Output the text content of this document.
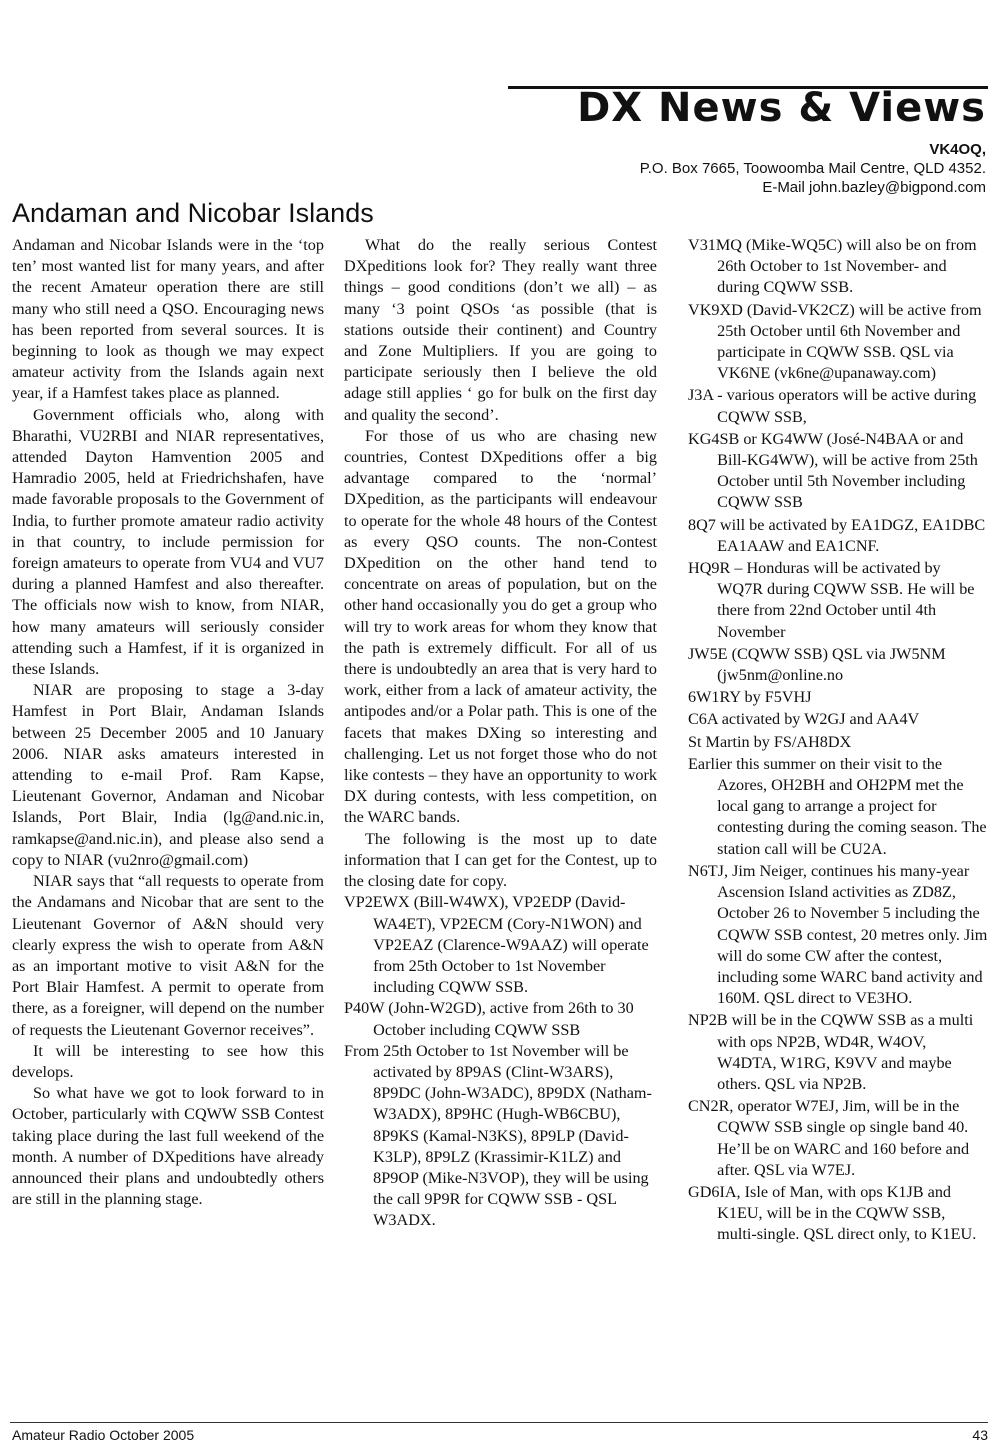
DX News & Views
VK4OQ,
P.O. Box 7665, Toowoomba Mail Centre, QLD 4352.
E-Mail john.bazley@bigpond.com
Andaman and Nicobar Islands

Andaman and Nicobar Islands were in the ‘top ten’ most wanted list for many years, and after the recent Amateur operation there are still many who still need a QSO. Encouraging news has been reported from several sources. It is beginning to look as though we may expect amateur activity from the Islands again next year, if a Hamfest takes place as planned.

Government officials who, along with Bharathi, VU2RBI and NIAR representatives, attended Dayton Hamvention 2005 and Hamradio 2005, held at Friedrichshafen, have made favorable proposals to the Government of India, to further promote amateur radio activity in that country, to include permission for foreign amateurs to operate from VU4 and VU7 during a planned Hamfest and also thereafter. The officials now wish to know, from NIAR, how many amateurs will seriously consider attending such a Hamfest, if it is organized in these Islands.

NIAR are proposing to stage a 3-day Hamfest in Port Blair, Andaman Islands between 25 December 2005 and 10 January 2006. NIAR asks amateurs interested in attending to e-mail Prof. Ram Kapse, Lieutenant Governor, Andaman and Nicobar Islands, Port Blair, India (lg@and.nic.in, ramkapse@and.nic.in), and please also send a copy to NIAR (vu2nro@gmail.com)

NIAR says that “all requests to operate from the Andamans and Nicobar that are sent to the Lieutenant Governor of A&N should very clearly express the wish to operate from A&N as an important motive to visit A&N for the Port Blair Hamfest. A permit to operate from there, as a foreigner, will depend on the number of requests the Lieutenant Governor receives”.

It will be interesting to see how this develops.

So what have we got to look forward to in October, particularly with CQWW SSB Contest taking place during the last full weekend of the month. A number of DXpeditions have already announced their plans and undoubtedly others are still in the planning stage.

What do the really serious Contest DXpeditions look for? They really want three things – good conditions (don’t we all) – as many ‘3 point QSOs ‘as possible (that is stations outside their continent) and Country and Zone Multipliers. If you are going to participate seriously then I believe the old adage still applies ‘ go for bulk on the first day and quality the second’.

For those of us who are chasing new countries, Contest DXpeditions offer a big advantage compared to the ‘normal’ DXpedition, as the participants will endeavour to operate for the whole 48 hours of the Contest as every QSO counts. The non-Contest DXpedition on the other hand tend to concentrate on areas of population, but on the other hand occasionally you do get a group who will try to work areas for whom they know that the path is extremely difficult. For all of us there is undoubtedly an area that is very hard to work, either from a lack of amateur activity, the antipodes and/or a Polar path. This is one of the facets that makes DXing so interesting and challenging. Let us not forget those who do not like contests – they have an opportunity to work DX during contests, with less competition, on the WARC bands.

The following is the most up to date information that I can get for the Contest, up to the closing date for copy.

VP2EWX (Bill-W4WX), VP2EDP (David-WA4ET), VP2ECM (Cory-N1WON) and VP2EAZ (Clarence-W9AAZ) will operate from 25th October to 1st November including CQWW SSB.

P40W (John-W2GD), active from 26th to 30 October including CQWW SSB

From 25th October to 1st November will be activated by 8P9AS (Clint-W3ARS), 8P9DC (John-W3ADC), 8P9DX (Natham-W3ADX), 8P9HC (Hugh-WB6CBU), 8P9KS (Kamal-N3KS), 8P9LP (David-K3LP), 8P9LZ (Krassimir-K1LZ) and 8P9OP (Mike-N3VOP), they will be using the call 9P9R for CQWW SSB - QSL W3ADX.

V31MQ (Mike-WQ5C) will also be on from 26th October to 1st November- and during CQWW SSB.

VK9XD (David-VK2CZ) will be active from 25th October until 6th November and participate in CQWW SSB. QSL via VK6NE (vk6ne@upanaway.com)

J3A - various operators will be active during CQWW SSB,

KG4SB or KG4WW (José-N4BAA or and Bill-KG4WW), will be active from 25th October until 5th November including CQWW SSB

8Q7 will be activated by EA1DGZ, EA1DBC EA1AAW and EA1CNF.

HQ9R – Honduras will be activated by WQ7R during CQWW SSB. He will be there from 22nd October until 4th November

JW5E (CQWW SSB) QSL via JW5NM (jw5nm@online.no

6W1RY by F5VHJ

C6A activated by W2GJ and AA4V

St Martin by FS/AH8DX

Earlier this summer on their visit to the Azores, OH2BH and OH2PM met the local gang to arrange a project for contesting during the coming season. The station call will be CU2A.

N6TJ, Jim Neiger, continues his many-year Ascension Island activities as ZD8Z, October 26 to November 5 including the CQWW SSB contest, 20 metres only. Jim will do some CW after the contest, including some WARC band activity and 160M. QSL direct to VE3HO.

NP2B will be in the CQWW SSB as a multi with ops NP2B, WD4R, W4OV, W4DTA, W1RG, K9VV and maybe others. QSL via NP2B.

CN2R, operator W7EJ, Jim, will be in the CQWW SSB single op single band 40. He’ll be on WARC and 160 before and after. QSL via W7EJ.

GD6IA, Isle of Man, with ops K1JB and K1EU, will be in the CQWW SSB, multi-single. QSL direct only, to K1EU.

Amateur Radio October 2005	43
